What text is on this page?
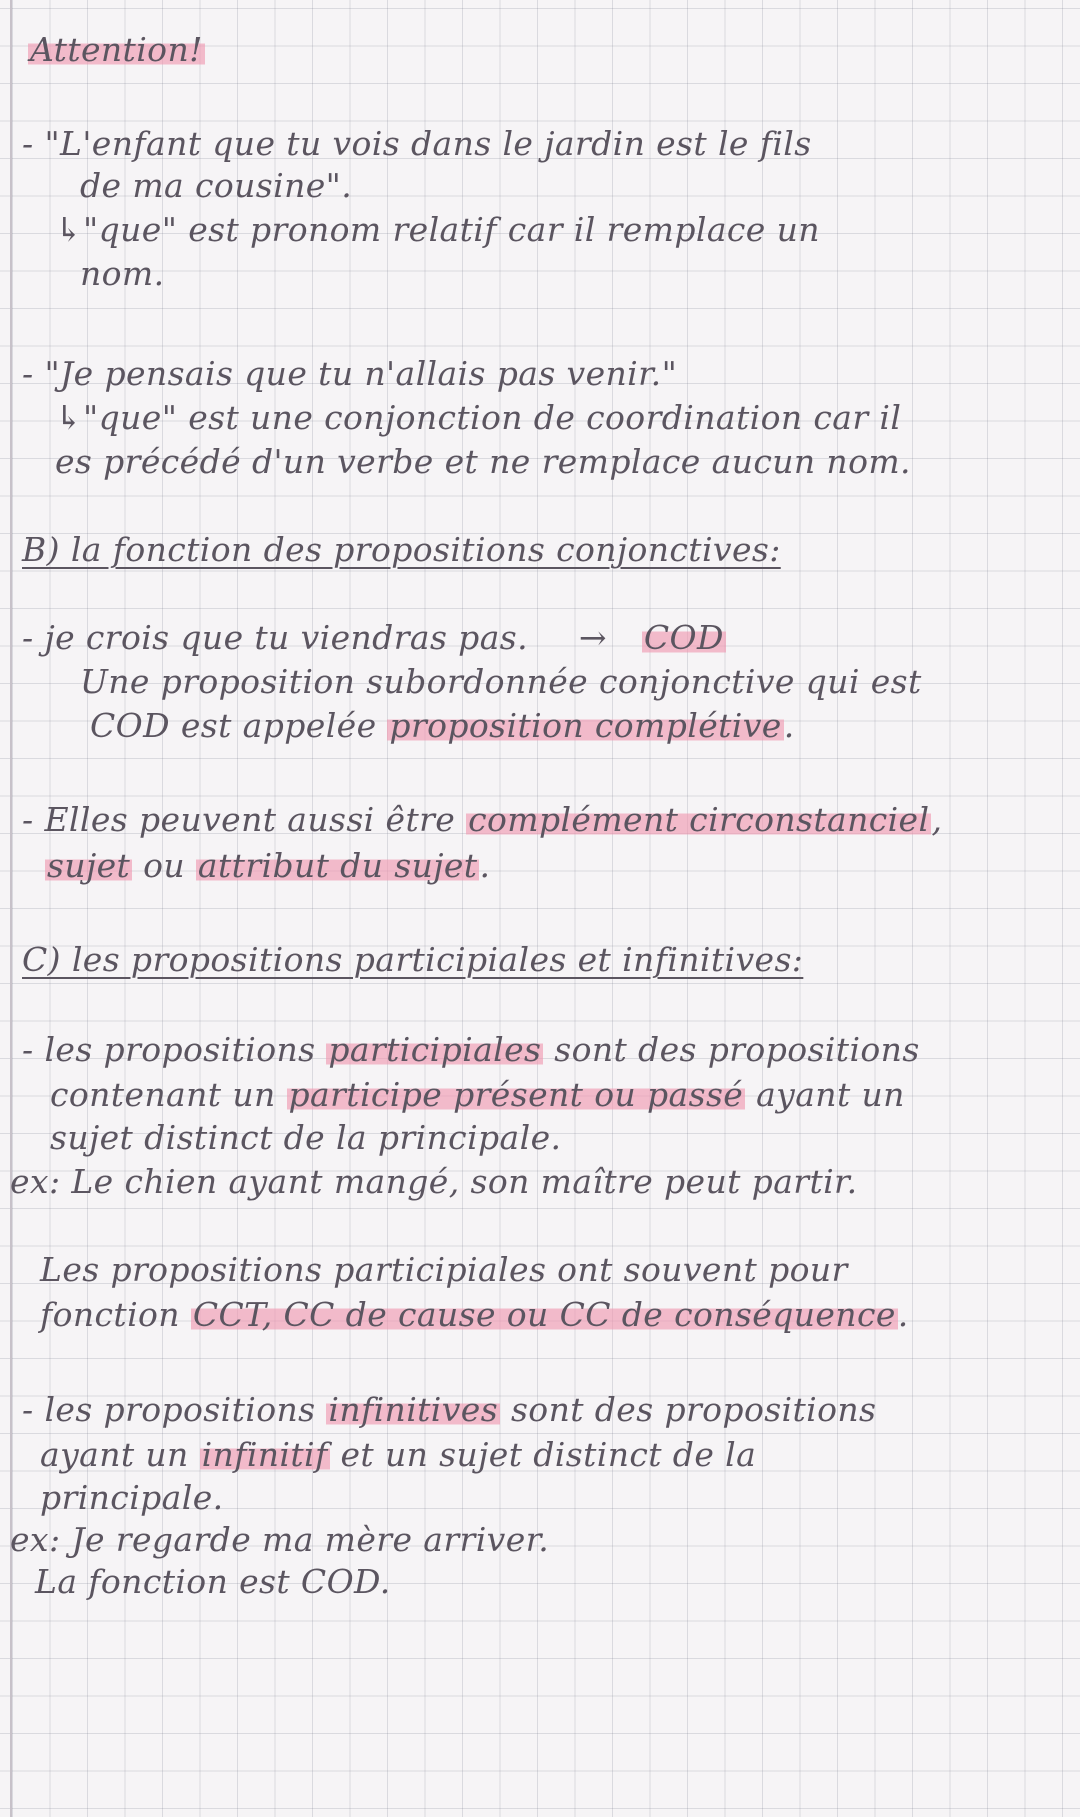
Attention!
- "L'enfant que tu vois dans le jardin est le fils
de ma cousine".
↳"que" est pronom relatif car il remplace un
nom.
- "Je pensais que tu n'allais pas venir."
↳"que" est une conjonction de coordination car il
es précédé d'un verbe et ne remplace aucun nom.
B) la fonction des propositions conjonctives:
- je crois que tu viendras pas. → COD
Une proposition subordonnée conjonctive qui est
COD est appelée proposition complétive.
- Elles peuvent aussi être complément circonstanciel,
sujet ou attribut du sujet.
C) les propositions participiales et infinitives:
- les propositions participiales sont des propositions
contenant un participe présent ou passé ayant un
sujet distinct de la principale.
ex: Le chien ayant mangé, son maître peut partir.
Les propositions participiales ont souvent pour
fonction CCT, CC de cause ou CC de conséquence.
- les propositions infinitives sont des propositions
ayant un infinitif et un sujet distinct de la
principale.
ex: Je regarde ma mère arriver.
La fonction est COD.
